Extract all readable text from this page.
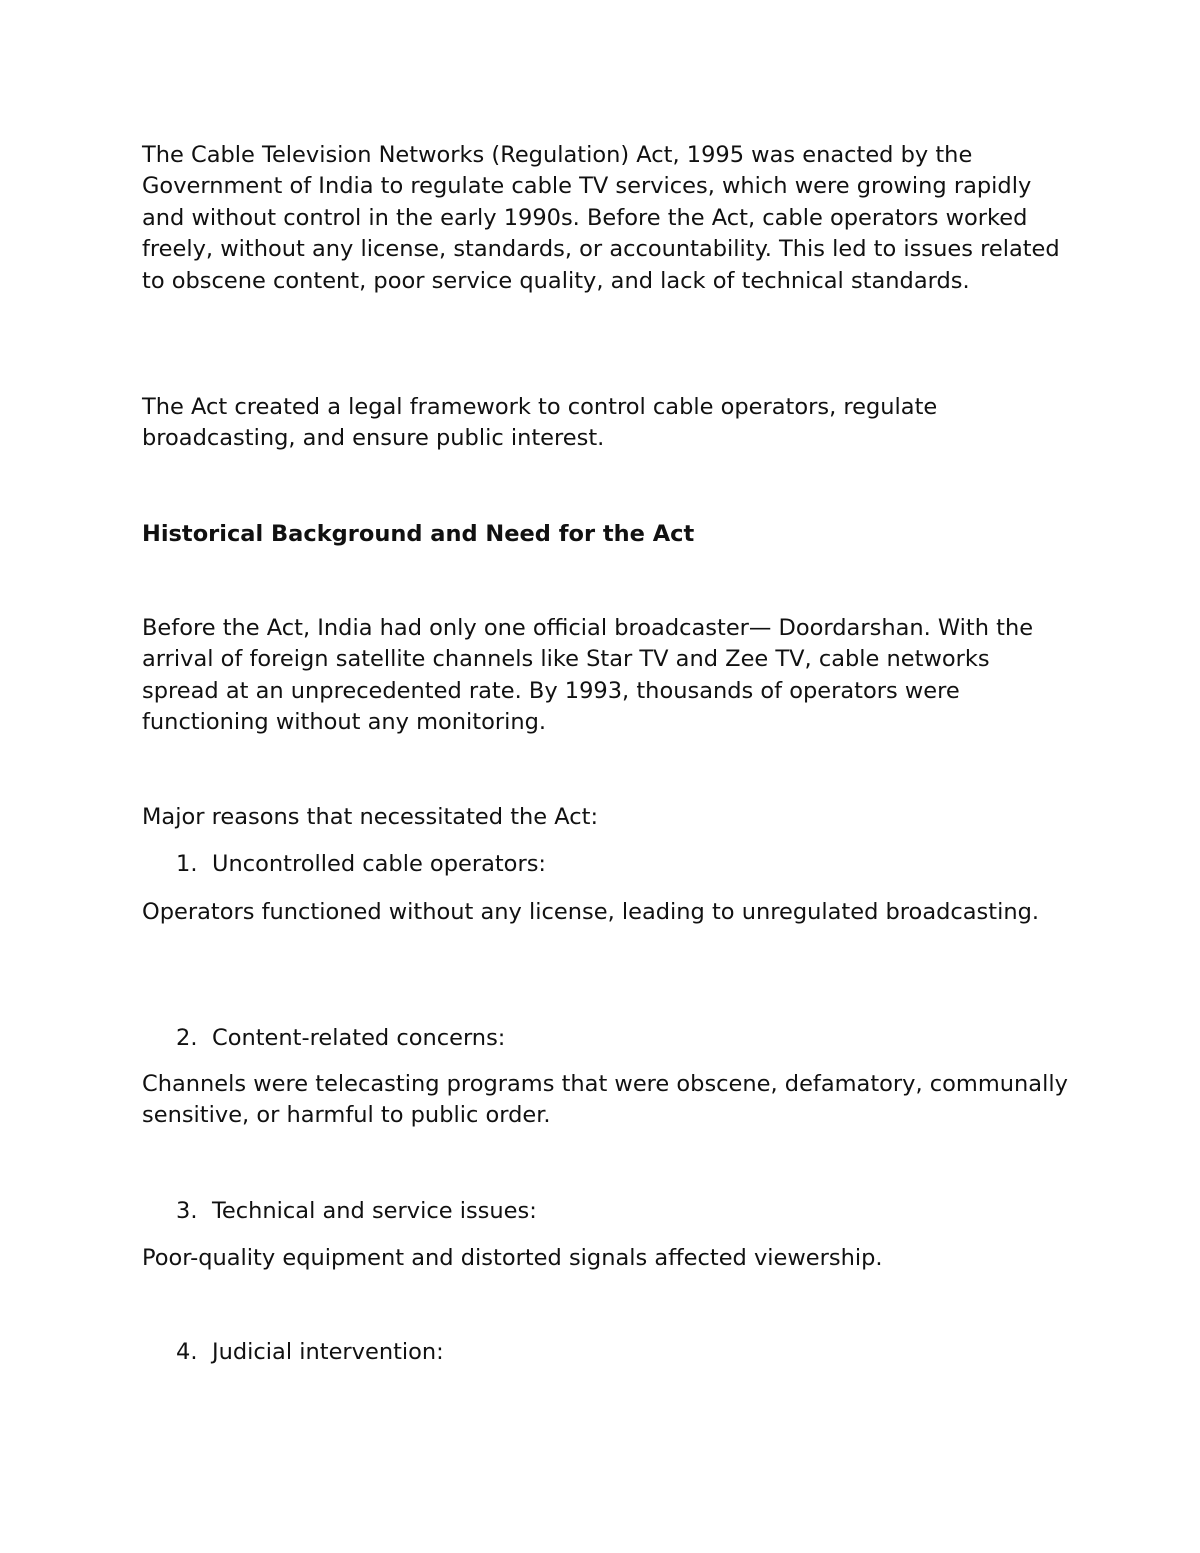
The Cable Television Networks (Regulation) Act, 1995 was enacted by the Government of India to regulate cable TV services, which were growing rapidly and without control in the early 1990s. Before the Act, cable operators worked freely, without any license, standards, or accountability. This led to issues related to obscene content, poor service quality, and lack of technical standards.

The Act created a legal framework to control cable operators, regulate broadcasting, and ensure public interest.

Historical Background and Need for the Act

Before the Act, India had only one official broadcaster— Doordarshan. With the arrival of foreign satellite channels like Star TV and Zee TV, cable networks spread at an unprecedented rate. By 1993, thousands of operators were functioning without any monitoring.

Major reasons that necessitated the Act:

1. Uncontrolled cable operators:

Operators functioned without any license, leading to unregulated broadcasting.

2. Content-related concerns:

Channels were telecasting programs that were obscene, defamatory, communally sensitive, or harmful to public order.

3. Technical and service issues:

Poor-quality equipment and distorted signals affected viewership.

4. Judicial intervention:
